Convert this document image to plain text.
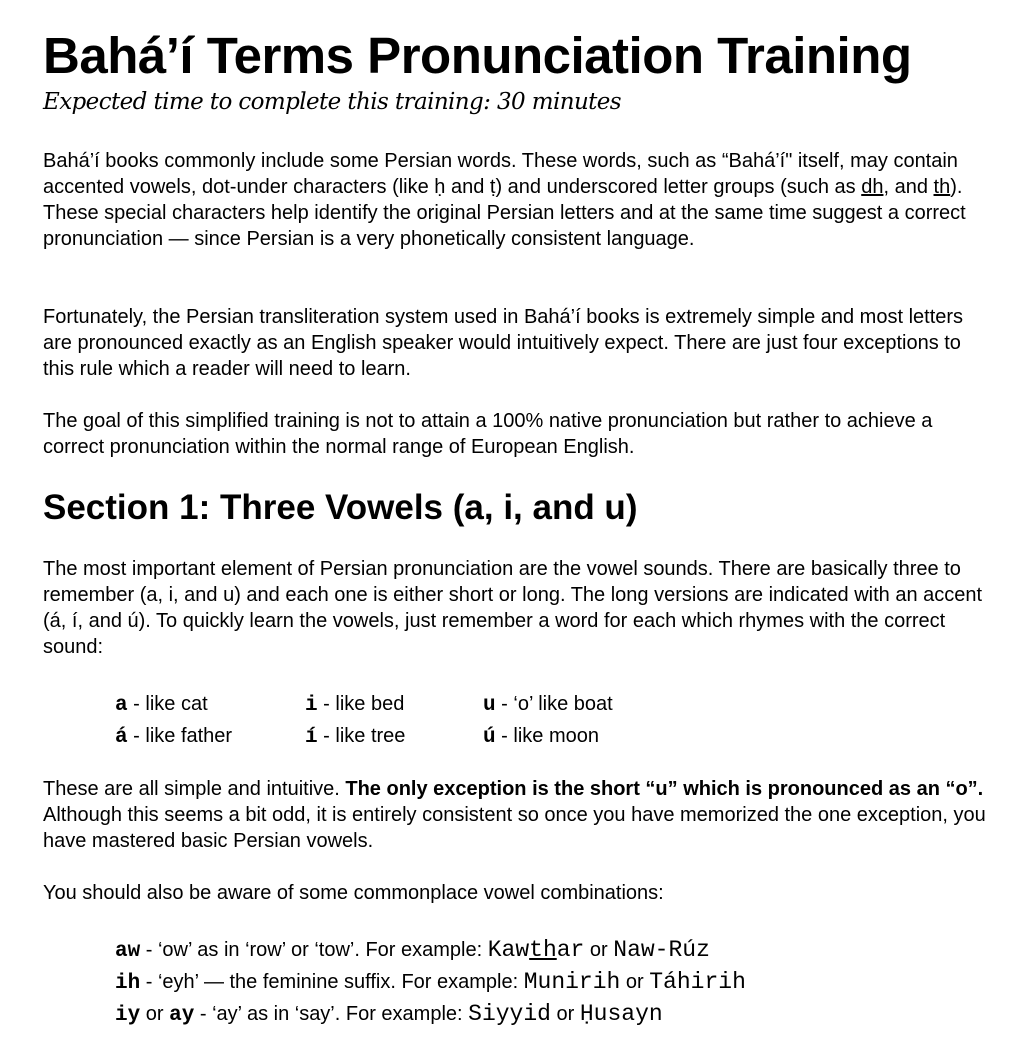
Bahá’í Terms Pronunciation Training
Expected time to complete this training: 30 minutes

Bahá’í books commonly include some Persian words. These words, such as “Bahá’í" itself, may contain accented vowels, dot-under characters (like ḥ and ṭ) and underscored letter groups (such as dh, and th). These special characters help identify the original Persian letters and at the same time suggest a correct pronunciation — since Persian is a very phonetically consistent language.

Fortunately, the Persian transliteration system used in Bahá’í books is extremely simple and most letters are pronounced exactly as an English speaker would intuitively expect. There are just four exceptions to this rule which a reader will need to learn.

The goal of this simplified training is not to attain a 100% native pronunciation but rather to achieve a correct pronunciation within the normal range of European English.

Section 1: Three Vowels (a, i, and u)

The most important element of Persian pronunciation are the vowel sounds. There are basically three to remember (a, i, and u) and each one is either short or long. The long versions are indicated with an accent (á, í, and ú). To quickly learn the vowels, just remember a word for each which rhymes with the correct sound:

a - like cat	i - like bed	u - ‘o’ like boat
á - like father	í - like tree	ú - like moon

These are all simple and intuitive. The only exception is the short “u” which is pronounced as an “o”. Although this seems a bit odd, it is entirely consistent so once you have memorized the one exception, you have mastered basic Persian vowels.

You should also be aware of some commonplace vowel combinations:

aw - ‘ow’ as in ‘row’ or ‘tow’. For example: Kawthar or Naw-Rúz
ih - ‘eyh’ — the feminine suffix. For example: Munirih or Táhirih
iy or ay - ‘ay’ as in ‘say’. For example: Siyyid or Ḥusayn
